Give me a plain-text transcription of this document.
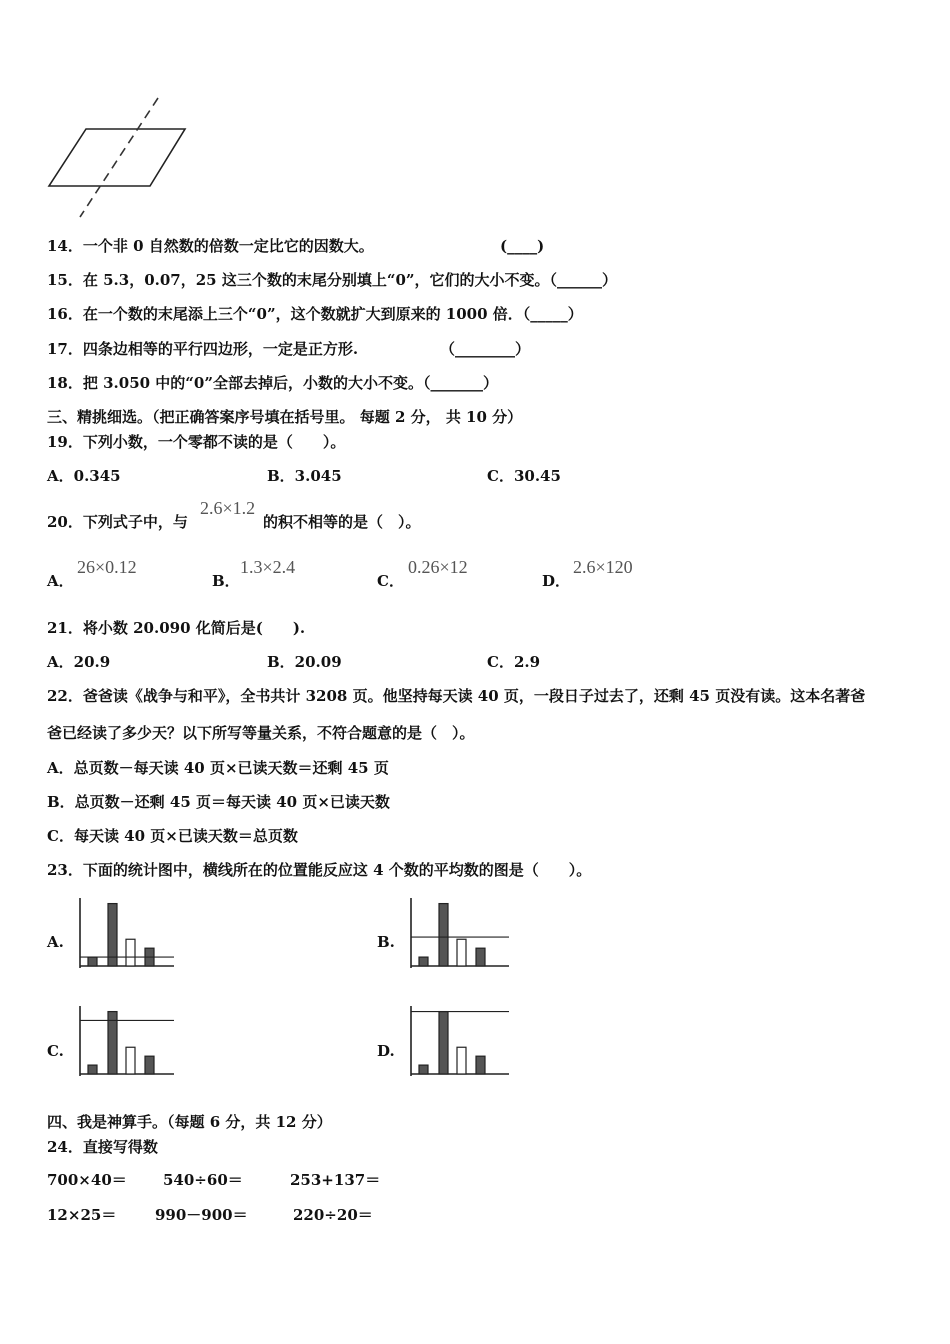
14．一个非 0 自然数的倍数一定比它的因数大。	(____)
15．在 5.3，0.07，25 这三个数的末尾分别填上“0”，它们的大小不变。（______）
16．在一个数的末尾添上三个“0”，这个数就扩大到原来的 1000 倍．（_____）
17．四条边相等的平行四边形，一定是正方形.	（________）
18．把 3.050 中的“0”全部去掉后，小数的大小不变。（_______）
三、精挑细选。（把正确答案序号填在括号里。 每题 2 分， 共 10 分）
19．下列小数，一个零都不读的是（　　）。
A．0.345	B．3.045	C．30.45
20．下列式子中，与
2.6×1.2
的积不相等的是（　）。
A．
26×0.12
B．
1.3×2.4
C．
0.26×12
D．
2.6×120
21．将小数 20.090 化简后是(　　).
A．20.9	B．20.09	C．2.9
22．爸爸读《战争与和平》，全书共计 3208 页。他坚持每天读 40 页，一段日子过去了，还剩 45 页没有读。这本名著爸
爸已经读了多少天？以下所写等量关系，不符合题意的是（　）。
A．总页数－每天读 40 页×已读天数＝还剩 45 页
B．总页数－还剩 45 页＝每天读 40 页×已读天数
C．每天读 40 页×已读天数＝总页数
23．下面的统计图中，横线所在的位置能反应这 4 个数的平均数的图是（　　）。
A.	B.
C.	D.
四、我是神算手。（每题 6 分，共 12 分）
24．直接写得数
700×40＝ 540÷60＝	253+137＝
12×25＝	990－900＝	220÷20＝
